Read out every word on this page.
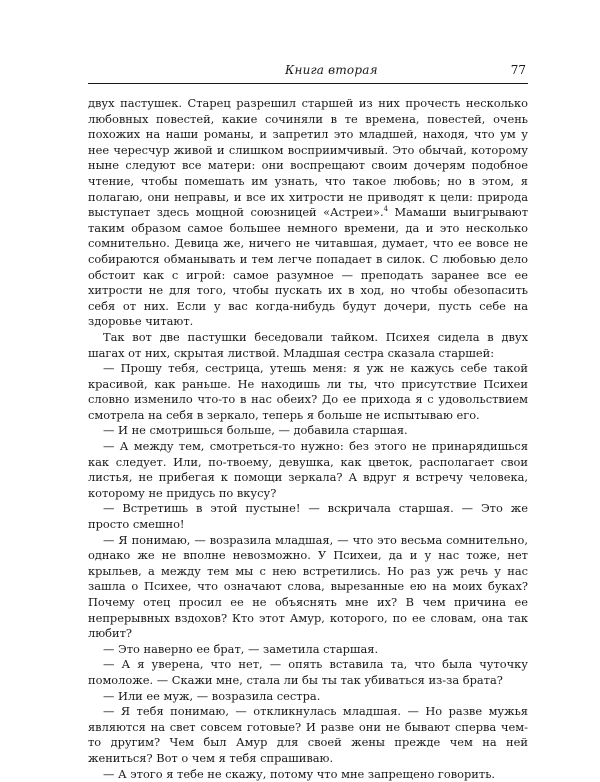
Книга вторая	77

двух пастушек. Старец разрешил старшей из них прочесть несколько любовных повестей, какие сочиняли в те времена, повестей, очень похожих на наши романы, и запретил это младшей, находя, что ум у нее чересчур живой и слишком восприимчивый. Это обычай, которому ныне следуют все матери: они воспрещают своим дочерям подобное чтение, чтобы помешать им узнать, что такое любовь; но в этом, я полагаю, они неправы, и все их хитрости не приводят к цели: природа выступает здесь мощной союзницей «Астреи».$^4$ Мамаши выигрывают таким образом самое большее немного времени, да и это несколько сомнительно. Девица же, ничего не читавшая, думает, что ее вовсе не собираются обманывать и тем легче попадает в силок. С любовью дело обстоит как с игрой: самое разумное — преподать заранее все ее хитрости не для того, чтобы пускать их в ход, но чтобы обезопасить себя от них. Если у вас когда-нибудь будут дочери, пусть себе на здоровье читают.

Так вот две пастушки беседовали тайком. Психея сидела в двух шагах от них, скрытая листвой. Младшая сестра сказала старшей:

— Прошу тебя, сестрица, утешь меня: я уж не кажусь себе такой красивой, как раньше. Не находишь ли ты, что присутствие Психеи словно изменило что-то в нас обеих? До ее прихода я с удовольствием смотрела на себя в зеркало, теперь я больше не испытываю его.

— И не смотришься больше, — добавила старшая.

— А между тем, смотреться-то нужно: без этого не принарядишься как следует. Или, по-твоему, девушка, как цветок, располагает свои листья, не прибегая к помощи зеркала? А вдруг я встречу человека, которому не придусь по вкусу?

— Встретишь в этой пустыне! — вскричала старшая. — Это же просто смешно!

— Я понимаю, — возразила младшая, — что это весьма сомнительно, однако же не вполне невозможно. У Психеи, да и у нас тоже, нет крыльев, а между тем мы с нею встретились. Но раз уж речь у нас зашла о Психее, что означают слова, вырезанные ею на моих буках? Почему отец просил ее не объяснять мне их? В чем причина ее непрерывных вздохов? Кто этот Амур, которого, по ее словам, она так любит?

— Это наверно ее брат, — заметила старшая.

— А я уверена, что нет, — опять вставила та, что была чуточку помоложе. — Скажи мне, стала ли бы ты так убиваться из-за брата?

— Или ее муж, — возразила сестра.

— Я тебя понимаю, — откликнулась младшая. — Но разве мужья являются на свет совсем готовые? И разве они не бывают сперва чем-то другим? Чем был Амур для своей жены прежде чем на ней жениться? Вот о чем я тебя спрашиваю.

— А этого я тебе не скажу, потому что мне запрещено говорить.
